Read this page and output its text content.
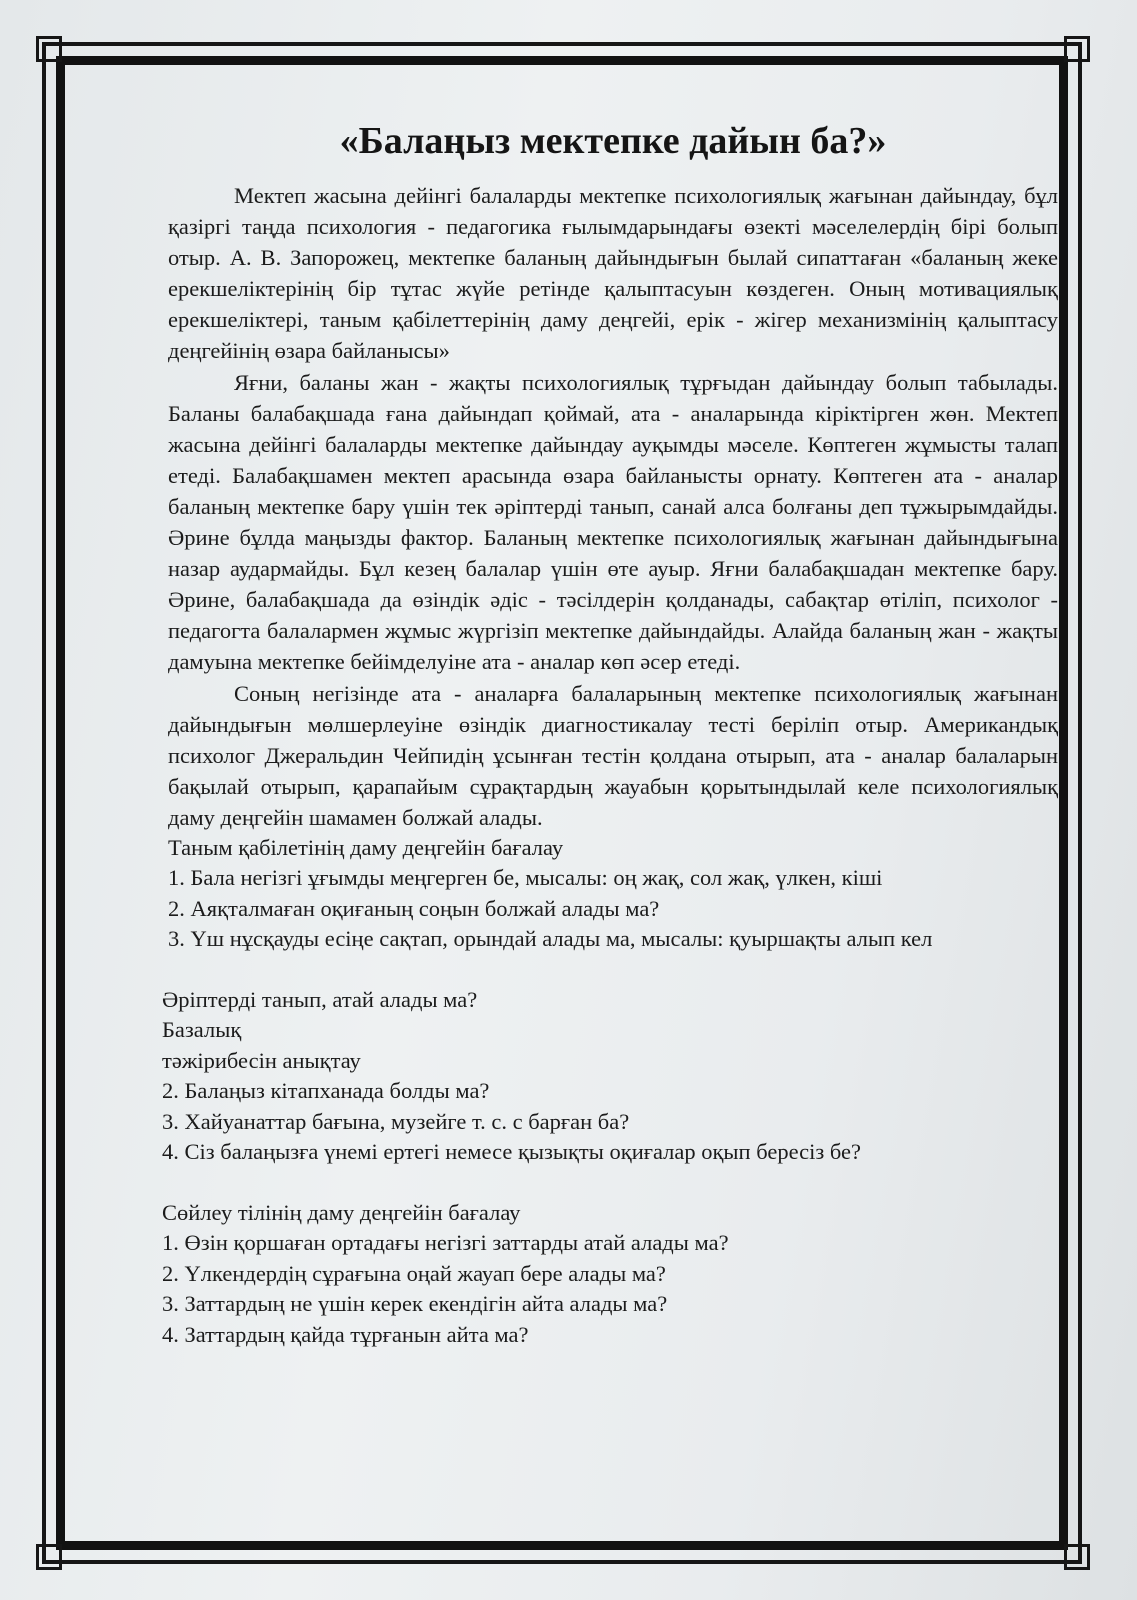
«Балаңыз мектепке дайын ба?»

Мектеп жасына дейінгі балаларды мектепке психологиялық жағынан дайындау, бұл қазіргі таңда психология - педагогика ғылымдарындағы өзекті мәселелердің бірі болып отыр. А. В. Запорожец, мектепке баланың дайындығын былай сипаттаған «баланың жеке ерекшеліктерінің бір тұтас жүйе ретінде қалыптасуын көздеген. Оның мотивациялық ерекшеліктері, таным қабілеттерінің даму деңгейі, ерік - жігер механизмінің қалыптасу деңгейінің өзара байланысы»

Яғни, баланы жан - жақты психологиялық тұрғыдан дайындау болып табылады. Баланы балабақшада ғана дайындап қоймай, ата - аналарында кіріктірген жөн. Мектеп жасына дейінгі балаларды мектепке дайындау ауқымды мәселе. Көптеген жұмысты талап етеді. Балабақшамен мектеп арасында өзара байланысты орнату. Көптеген ата - аналар баланың мектепке бару үшін тек әріптерді танып, санай алса болғаны деп тұжырымдайды. Әрине бұлда маңызды фактор. Баланың мектепке психологиялық жағынан дайындығына назар аудармайды. Бұл кезең балалар үшін өте ауыр. Яғни балабақшадан мектепке бару. Әрине, балабақшада да өзіндік әдіс - тәсілдерін қолданады, сабақтар өтіліп, психолог - педагогта балалармен жұмыс жүргізіп мектепке дайындайды. Алайда баланың жан - жақты дамуына мектепке бейімделуіне ата - аналар көп әсер етеді.

Соның негізінде ата - аналарға балаларының мектепке психологиялық жағынан дайындығын мөлшерлеуіне өзіндік диагностикалау тесті беріліп отыр. Американдық психолог Джеральдин Чейпидің ұсынған тестін қолдана отырып, ата - аналар балаларын бақылай отырып, қарапайым сұрақтардың жауабын қорытындылай келе психологиялық даму деңгейін шамамен болжай алады.

Таным қабілетінің даму деңгейін бағалау

1. Бала негізгі ұғымды меңгерген бе, мысалы: оң жақ, сол жақ, үлкен, кіші

2. Аяқталмаған оқиғаның соңын болжай алады ма?

3. Үш нұсқауды есіңе сақтап, орындай алады ма, мысалы: қуыршақты алып кел

Әріптерді танып, атай алады ма?

Базалық

тәжірибесін анықтау

2. Балаңыз кітапханада болды ма?

3. Хайуанаттар бағына, музейге т. с. с барған ба?

4. Сіз балаңызға үнемі ертегі немесе қызықты оқиғалар оқып бересіз бе?

Сөйлеу тілінің даму деңгейін бағалау

1. Өзін қоршаған ортадағы негізгі заттарды атай алады ма?

2. Үлкендердің сұрағына оңай жауап бере алады ма?

3. Заттардың не үшін керек екендігін айта алады ма?

4. Заттардың қайда тұрғанын айта ма?
